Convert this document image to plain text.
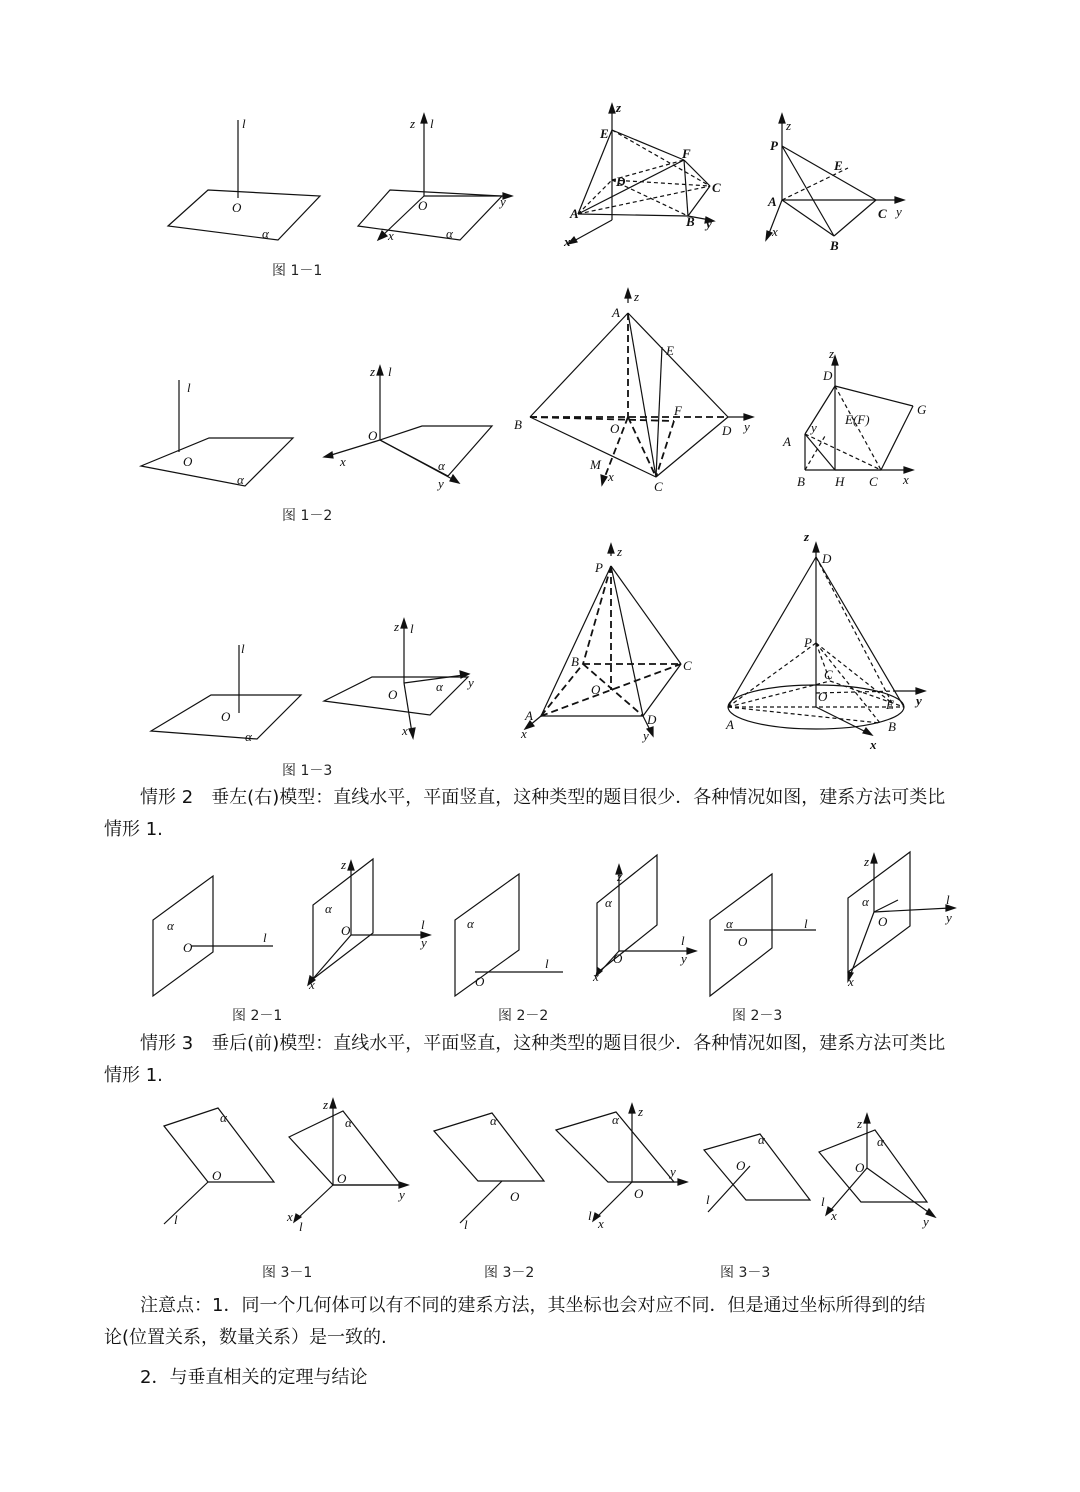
l
O
α
z l
O	y
x	α
z
E
F
C
D
A
B y
x
z
P
E
A
C y
B
x
图 1－1
l
O
α
z l
O
x	α
y
z
A
E
F
B	O	D y
M
x
C
z
D
E(F)
G
y
A
B H C x
图 1－2
l
O
α
z l
O
y
x
α
z
P
B	C
O
A	D
x	y
z
D
P
C
O
E
B
y
A
x
图 1－3
情形 2　垂左(右)模型：直线水平，平面竖直，这种类型的题目很少．各种情况如图，建系方法可类比
情形 1.
α
O
l
z
α
O	l
y
x
α
O
l
z
α
O
l
y
x
α
O
l
z
α
O
l
y
x
图 2－1	图 2－2	图 2－3
情形 3　垂后(前)模型：直线水平，平面竖直，这种类型的题目很少．各种情况如图，建系方法可类比
情形 1.
α
O
l
z
α
O
y
x
l
α
O
l
z
α
O
y
l
x
α
O
l
z
α
O
l
x	y
图 3－1	图 3－2	图 3－3
注意点：1．同一个几何体可以有不同的建系方法，其坐标也会对应不同．但是通过坐标所得到的结
论(位置关系，数量关系）是一致的.
2．与垂直相关的定理与结论
